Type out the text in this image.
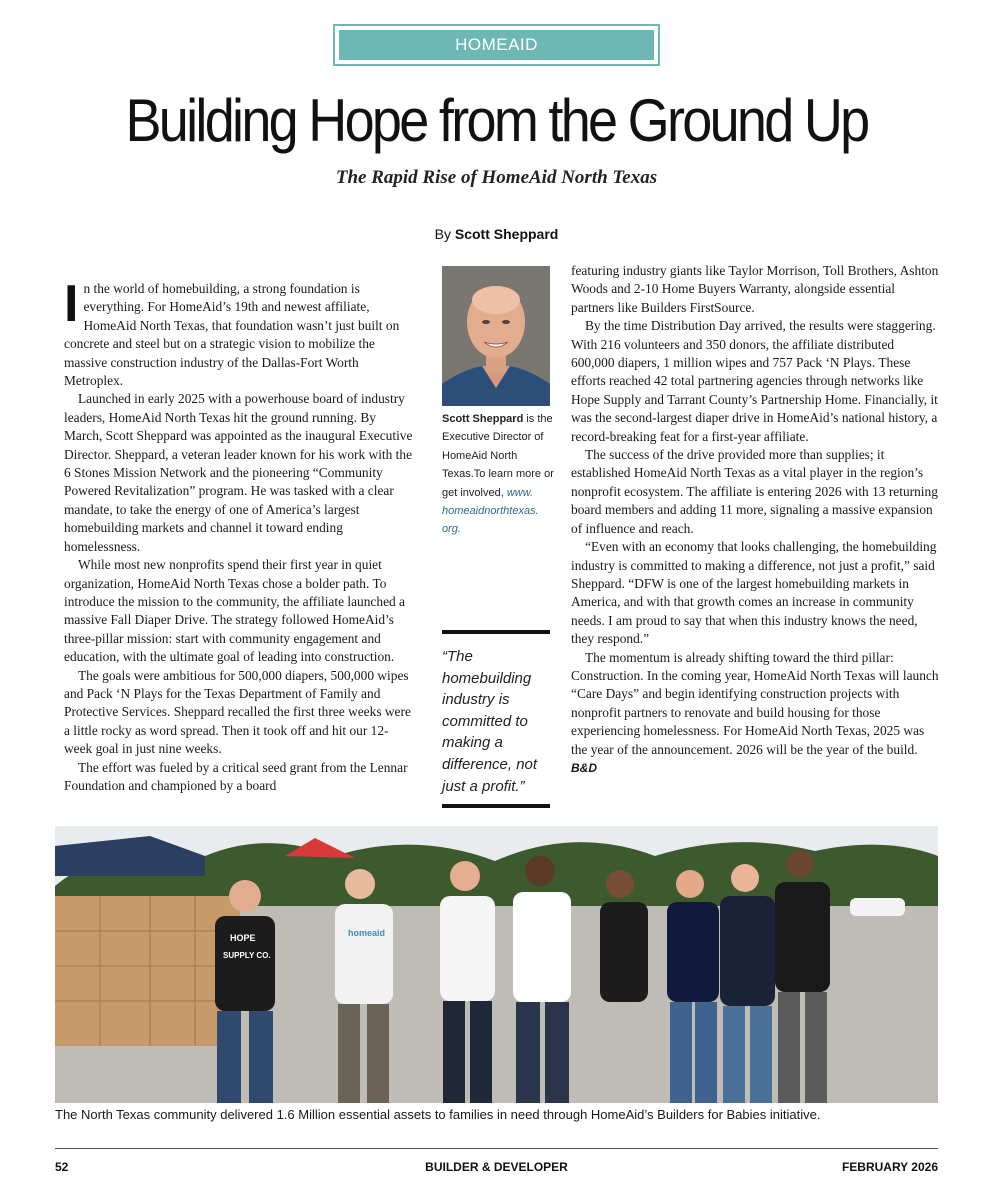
HOMEAID
Building Hope from the Ground Up
The Rapid Rise of HomeAid North Texas
By Scott Sheppard

In the world of homebuilding, a strong foundation is everything. For HomeAid’s 19th and newest affiliate, HomeAid North Texas, that foundation wasn’t just built on concrete and steel but on a strategic vision to mobilize the massive construction industry of the Dallas-Fort Worth Metroplex.

Launched in early 2025 with a powerhouse board of industry leaders, HomeAid North Texas hit the ground running. By March, Scott Sheppard was appointed as the inaugural Executive Director. Sheppard, a veteran leader known for his work with the 6 Stones Mission Network and the pioneering “Community Powered Revitalization” program. He was tasked with a clear mandate, to take the energy of one of America’s largest homebuilding markets and channel it toward ending homelessness.

While most new nonprofits spend their first year in quiet organization, HomeAid North Texas chose a bolder path. To introduce the mission to the community, the affiliate launched a massive Fall Diaper Drive. The strategy followed HomeAid’s three-pillar mission: start with community engagement and education, with the ultimate goal of leading into construction.

The goals were ambitious for 500,000 diapers, 500,000 wipes and Pack ‘N Plays for the Texas Department of Family and Protective Services. Sheppard recalled the first three weeks were a little rocky as word spread. Then it took off and hit our 12-week goal in just nine weeks.

The effort was fueled by a critical seed grant from the Lennar Foundation and championed by a board

Scott Sheppard is the Executive Director of HomeAid North Texas.To learn more or get involved, www. homeaidnorthtexas. org.
“The homebuilding industry is committed to making a difference, not just a profit.”

featuring industry giants like Taylor Morrison, Toll Brothers, Ashton Woods and 2-10 Home Buyers Warranty, alongside essential partners like Builders FirstSource.

By the time Distribution Day arrived, the results were staggering. With 216 volunteers and 350 donors, the affiliate distributed 600,000 diapers, 1 million wipes and 757 Pack ‘N Plays. These efforts reached 42 total partnering agencies through networks like Hope Supply and Tarrant County’s Partnership Home. Financially, it was the second-largest diaper drive in HomeAid’s national history, a record-breaking feat for a first-year affiliate.

The success of the drive provided more than supplies; it established HomeAid North Texas as a vital player in the region’s nonprofit ecosystem. The affiliate is entering 2026 with 13 returning board members and adding 11 more, signaling a massive expansion of influence and reach.

“Even with an economy that looks challenging, the homebuilding industry is committed to making a difference, not just a profit,” said Sheppard. “DFW is one of the largest homebuilding markets in America, and with that growth comes an increase in community needs. I am proud to say that when this industry knows the need, they respond.”

The momentum is already shifting toward the third pillar: Construction. In the coming year, HomeAid North Texas will launch “Care Days” and begin identifying construction projects with nonprofit partners to renovate and build housing for those experiencing homelessness. For HomeAid North Texas, 2025 was the year of the announcement. 2026 will be the year of the build. B&D

HOPE
SUPPLY CO.
homeaid
The North Texas community delivered 1.6 Million essential assets to families in need through HomeAid’s Builders for Babies initiative.
52	BUILDER & DEVELOPER	FEBRUARY 2026
